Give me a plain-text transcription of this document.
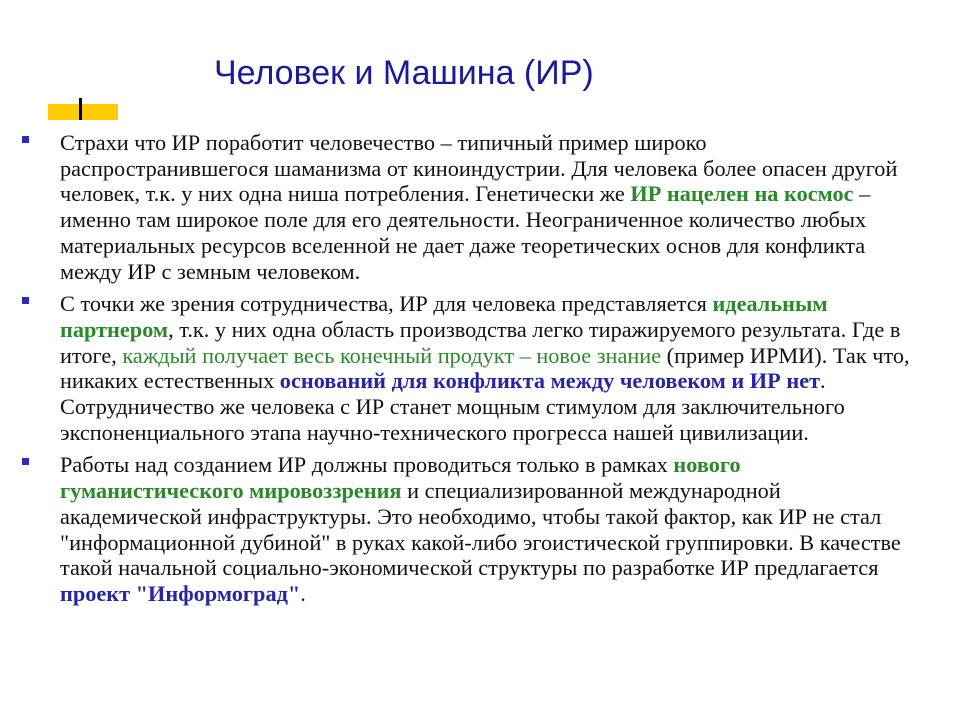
Человек и Машина (ИР)
Страхи что ИР поработит человечество – типичный пример широко распространившегося шаманизма от киноиндустрии. Для человека более опасен другой человек, т.к. у них одна ниша потребления. Генетически же ИР нацелен на космос – именно там широкое поле для его деятельности. Неограниченное количество любых материальных ресурсов вселенной не дает даже теоретических основ для конфликта между ИР с земным человеком.
С точки же зрения сотрудничества, ИР для человека представляется идеальным партнером, т.к. у них одна область производства легко тиражируемого результата. Где в итоге, каждый получает весь конечный продукт – новое знание (пример ИРМИ). Так что, никаких естественных оснований для конфликта между человеком и ИР нет. Сотрудничество же человека с ИР станет мощным стимулом для заключительного экспоненциального этапа научно-технического прогресса нашей цивилизации.
Работы над созданием ИР должны проводиться только в рамках нового гуманистического мировоззрения и специализированной международной академической инфраструктуры. Это необходимо, чтобы такой фактор, как ИР не стал "информационной дубиной" в руках какой-либо эгоистической группировки. В качестве такой начальной социально-экономической структуры по разработке ИР предлагается проект "Информоград".
